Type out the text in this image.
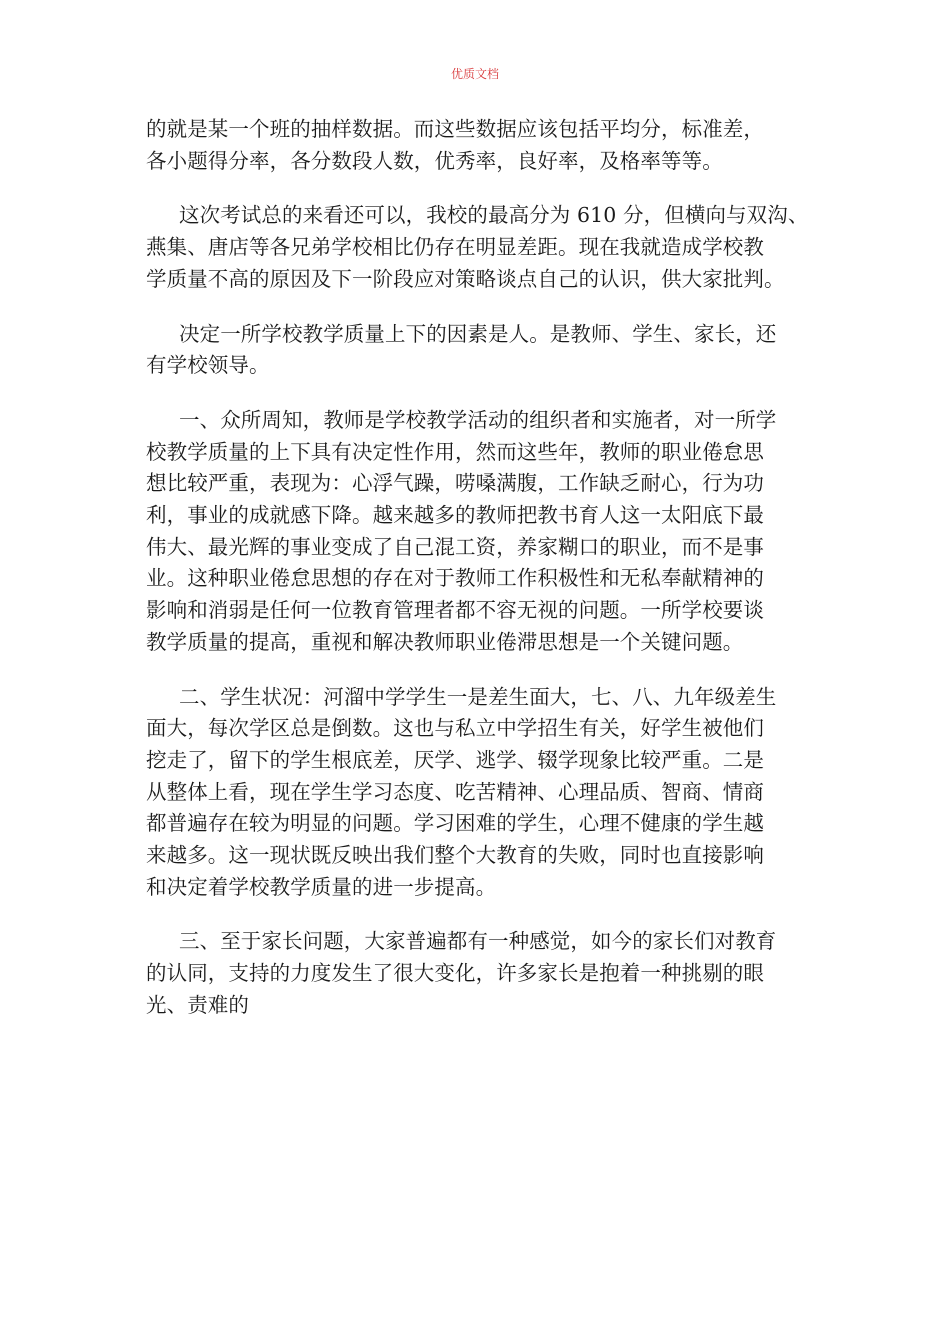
优质文档
的就是某一个班的抽样数据。而这些数据应该包括平均分，标准差，
各小题得分率，各分数段人数，优秀率，良好率，及格率等等。
这次考试总的来看还可以，我校的最高分为 610 分，但横向与双沟、
燕集、唐店等各兄弟学校相比仍存在明显差距。现在我就造成学校教
学质量不高的原因及下一阶段应对策略谈点自己的认识，供大家批判。
决定一所学校教学质量上下的因素是人。是教师、学生、家长，还
有学校领导。
一、众所周知，教师是学校教学活动的组织者和实施者，对一所学
校教学质量的上下具有决定性作用，然而这些年，教师的职业倦怠思
想比较严重，表现为：心浮气躁，唠嗓满腹，工作缺乏耐心，行为功
利，事业的成就感下降。越来越多的教师把教书育人这一太阳底下最
伟大、最光辉的事业变成了自己混工资，养家糊口的职业，而不是事
业。这种职业倦怠思想的存在对于教师工作积极性和无私奉献精神的
影响和消弱是任何一位教育管理者都不容无视的问题。一所学校要谈
教学质量的提高，重视和解决教师职业倦滞思想是一个关键问题。
二、学生状况：河溜中学学生一是差生面大，七、八、九年级差生
面大，每次学区总是倒数。这也与私立中学招生有关，好学生被他们
挖走了，留下的学生根底差，厌学、逃学、辍学现象比较严重。二是
从整体上看，现在学生学习态度、吃苦精神、心理品质、智商、情商
都普遍存在较为明显的问题。学习困难的学生，心理不健康的学生越
来越多。这一现状既反映出我们整个大教育的失败，同时也直接影响
和决定着学校教学质量的进一步提高。
三、至于家长问题，大家普遍都有一种感觉，如今的家长们对教育
的认同，支持的力度发生了很大变化，许多家长是抱着一种挑剔的眼
光、责难的
